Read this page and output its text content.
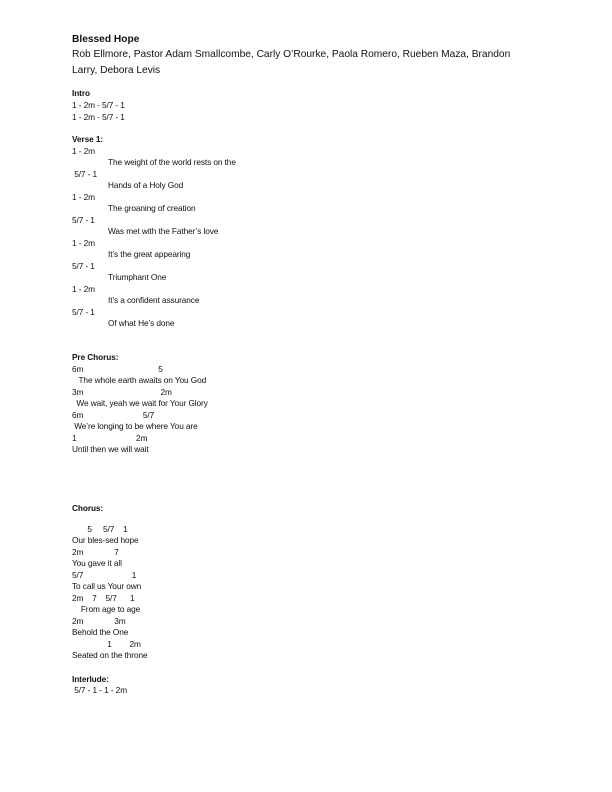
Blessed Hope
Rob Ellmore, Pastor Adam Smallcombe, Carly O’Rourke, Paola Romero, Rueben Maza, Brandon Larry, Debora Levis
Intro
1 - 2m - 5/7 - 1
1 - 2m - 5/7 - 1
Verse 1:
1 - 2m
The weight of the world rests on the
5/7 - 1
Hands of a Holy God
1 - 2m
The groaning of creation
5/7 - 1
Was met with the Father’s love
1 - 2m
It’s the great appearing
5/7 - 1
Triumphant One
1 - 2m
It’s a confident assurance
5/7 - 1
Of what He’s done
Pre Chorus:
6m                                  5
The whole earth awaits on You God
3m                                   2m
We wait, yeah we wait for Your Glory
6m                           5/7
We’re longing to be where You are
1                           2m
Until then we will wait
Chorus:
5     5/7    1
Our bles-sed hope
2m              7
You gave it all
5/7                      1
To call us Your own
2m    7    5/7      1
From age to age
2m              3m
Behold the One
1        2m
Seated on the throne
Interlude:
5/7 - 1 - 1 - 2m
